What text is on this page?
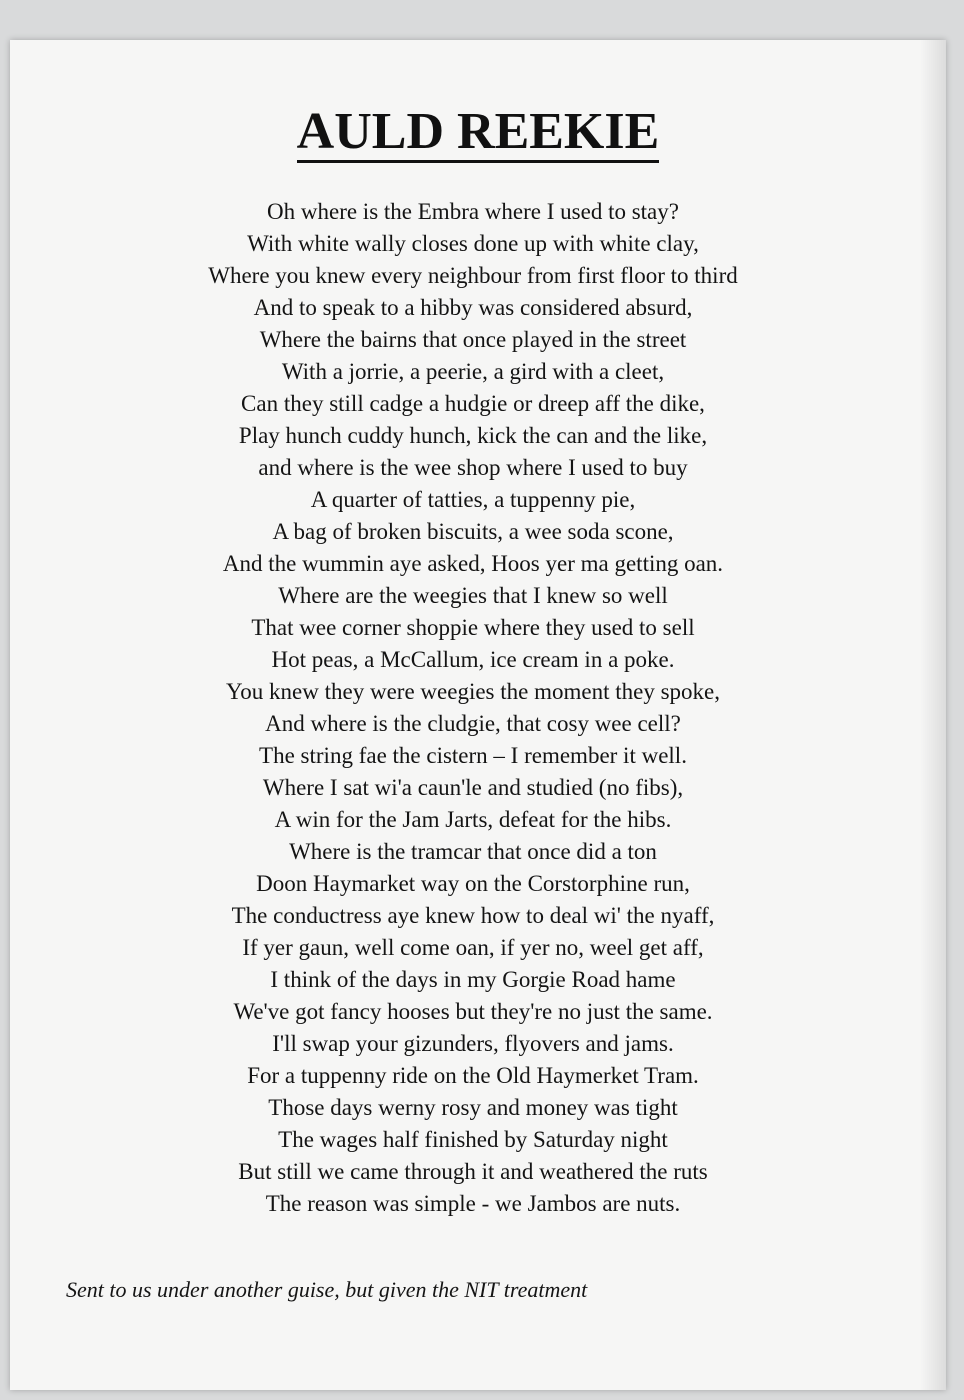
AULD REEKIE
Oh where is the Embra where I used to stay?
With white wally closes done up with white clay,
Where you knew every neighbour from first floor to third
And to speak to a hibby was considered absurd,
Where the bairns that once played in the street
With a jorrie, a peerie, a gird with a cleet,
Can they still cadge a hudgie or dreep aff the dike,
Play hunch cuddy hunch, kick the can and the like,
and where is the wee shop where I used to buy
A quarter of tatties, a tuppenny pie,
A bag of broken biscuits, a wee soda scone,
And the wummin aye asked, Hoos yer ma getting oan.
Where are the weegies that I knew so well
That wee corner shoppie where they used to sell
Hot peas, a McCallum, ice cream in a poke.
You knew they were weegies the moment they spoke,
And where is the cludgie, that cosy wee cell?
The string fae the cistern – I remember it well.
Where I sat wi'a caun'le and studied (no fibs),
A win for the Jam Jarts, defeat for the hibs.
Where is the tramcar that once did a ton
Doon Haymarket way on the Corstorphine run,
The conductress aye knew how to deal wi' the nyaff,
If yer gaun, well come oan, if yer no, weel get aff,
I think of the days in my Gorgie Road hame
We've got fancy hooses but they're no just the same.
I'll swap your gizunders, flyovers and jams.
For a tuppenny ride on the Old Haymerket Tram.
Those days werny rosy and money was tight
The wages half finished by Saturday night
But still we came through it and weathered the ruts
The reason was simple - we Jambos are nuts.
Sent to us under another guise, but given the NIT treatment
